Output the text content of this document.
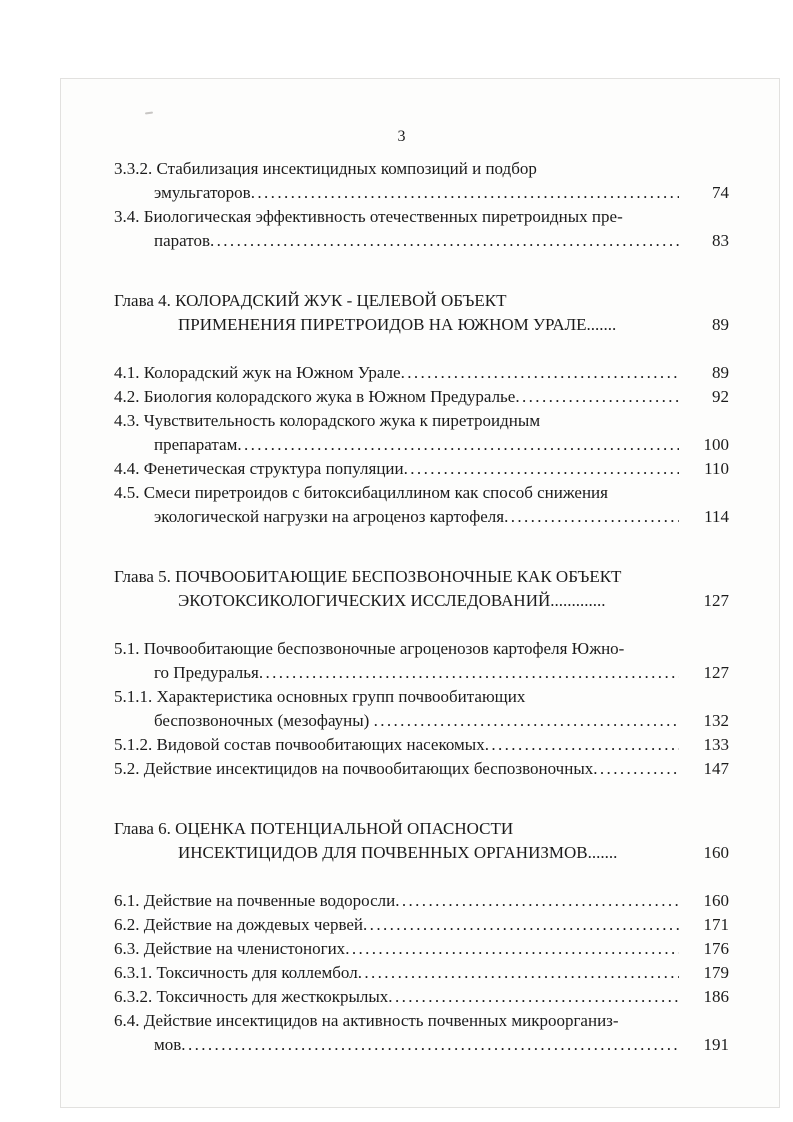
3
3.3.2. Стабилизация инсектицидных композиций и подбор
эмульгаторов .....	74
3.4. Биологическая эффективность отечественных пиретроидных пре-
паратов .....	83
Глава 4. КОЛОРАДСКИЙ ЖУК - ЦЕЛЕВОЙ ОБЪЕКТ
ПРИМЕНЕНИЯ ПИРЕТРОИДОВ НА ЮЖНОМ УРАЛЕ.......	89
4.1. Колорадский жук на Южном Урале .....	89
4.2. Биология колорадского жука в Южном Предуралье .....	92
4.3. Чувствительность колорадского жука к пиретроидным
препаратам .....	100
4.4. Фенетическая структура популяции .....	110
4.5. Смеси пиретроидов с битоксибациллином как способ снижения
экологической нагрузки на агроценоз картофеля .....	114
Глава 5. ПОЧВООБИТАЮЩИЕ БЕСПОЗВОНОЧНЫЕ КАК ОБЪЕКТ
ЭКОТОКСИКОЛОГИЧЕСКИХ ИССЛЕДОВАНИЙ.............	127
5.1. Почвообитающие беспозвоночные агроценозов картофеля Южно-
го Предуралья .....	127
5.1.1. Характеристика основных групп почвообитающих
беспозвоночных (мезофауны) .....	132
5.1.2. Видовой состав почвообитающих насекомых .....	133
5.2. Действие инсектицидов на почвообитающих беспозвоночных .....	147
Глава 6. ОЦЕНКА ПОТЕНЦИАЛЬНОЙ ОПАСНОСТИ
ИНСЕКТИЦИДОВ ДЛЯ ПОЧВЕННЫХ ОРГАНИЗМОВ.......	160
6.1. Действие на почвенные водоросли .....	160
6.2. Действие на дождевых червей .....	171
6.3. Действие на членистоногих .....	176
6.3.1. Токсичность для коллембол .....	179
6.3.2. Токсичность для жесткокрылых .....	186
6.4. Действие инсектицидов на активность почвенных микроорганиз-
мов .....	191
